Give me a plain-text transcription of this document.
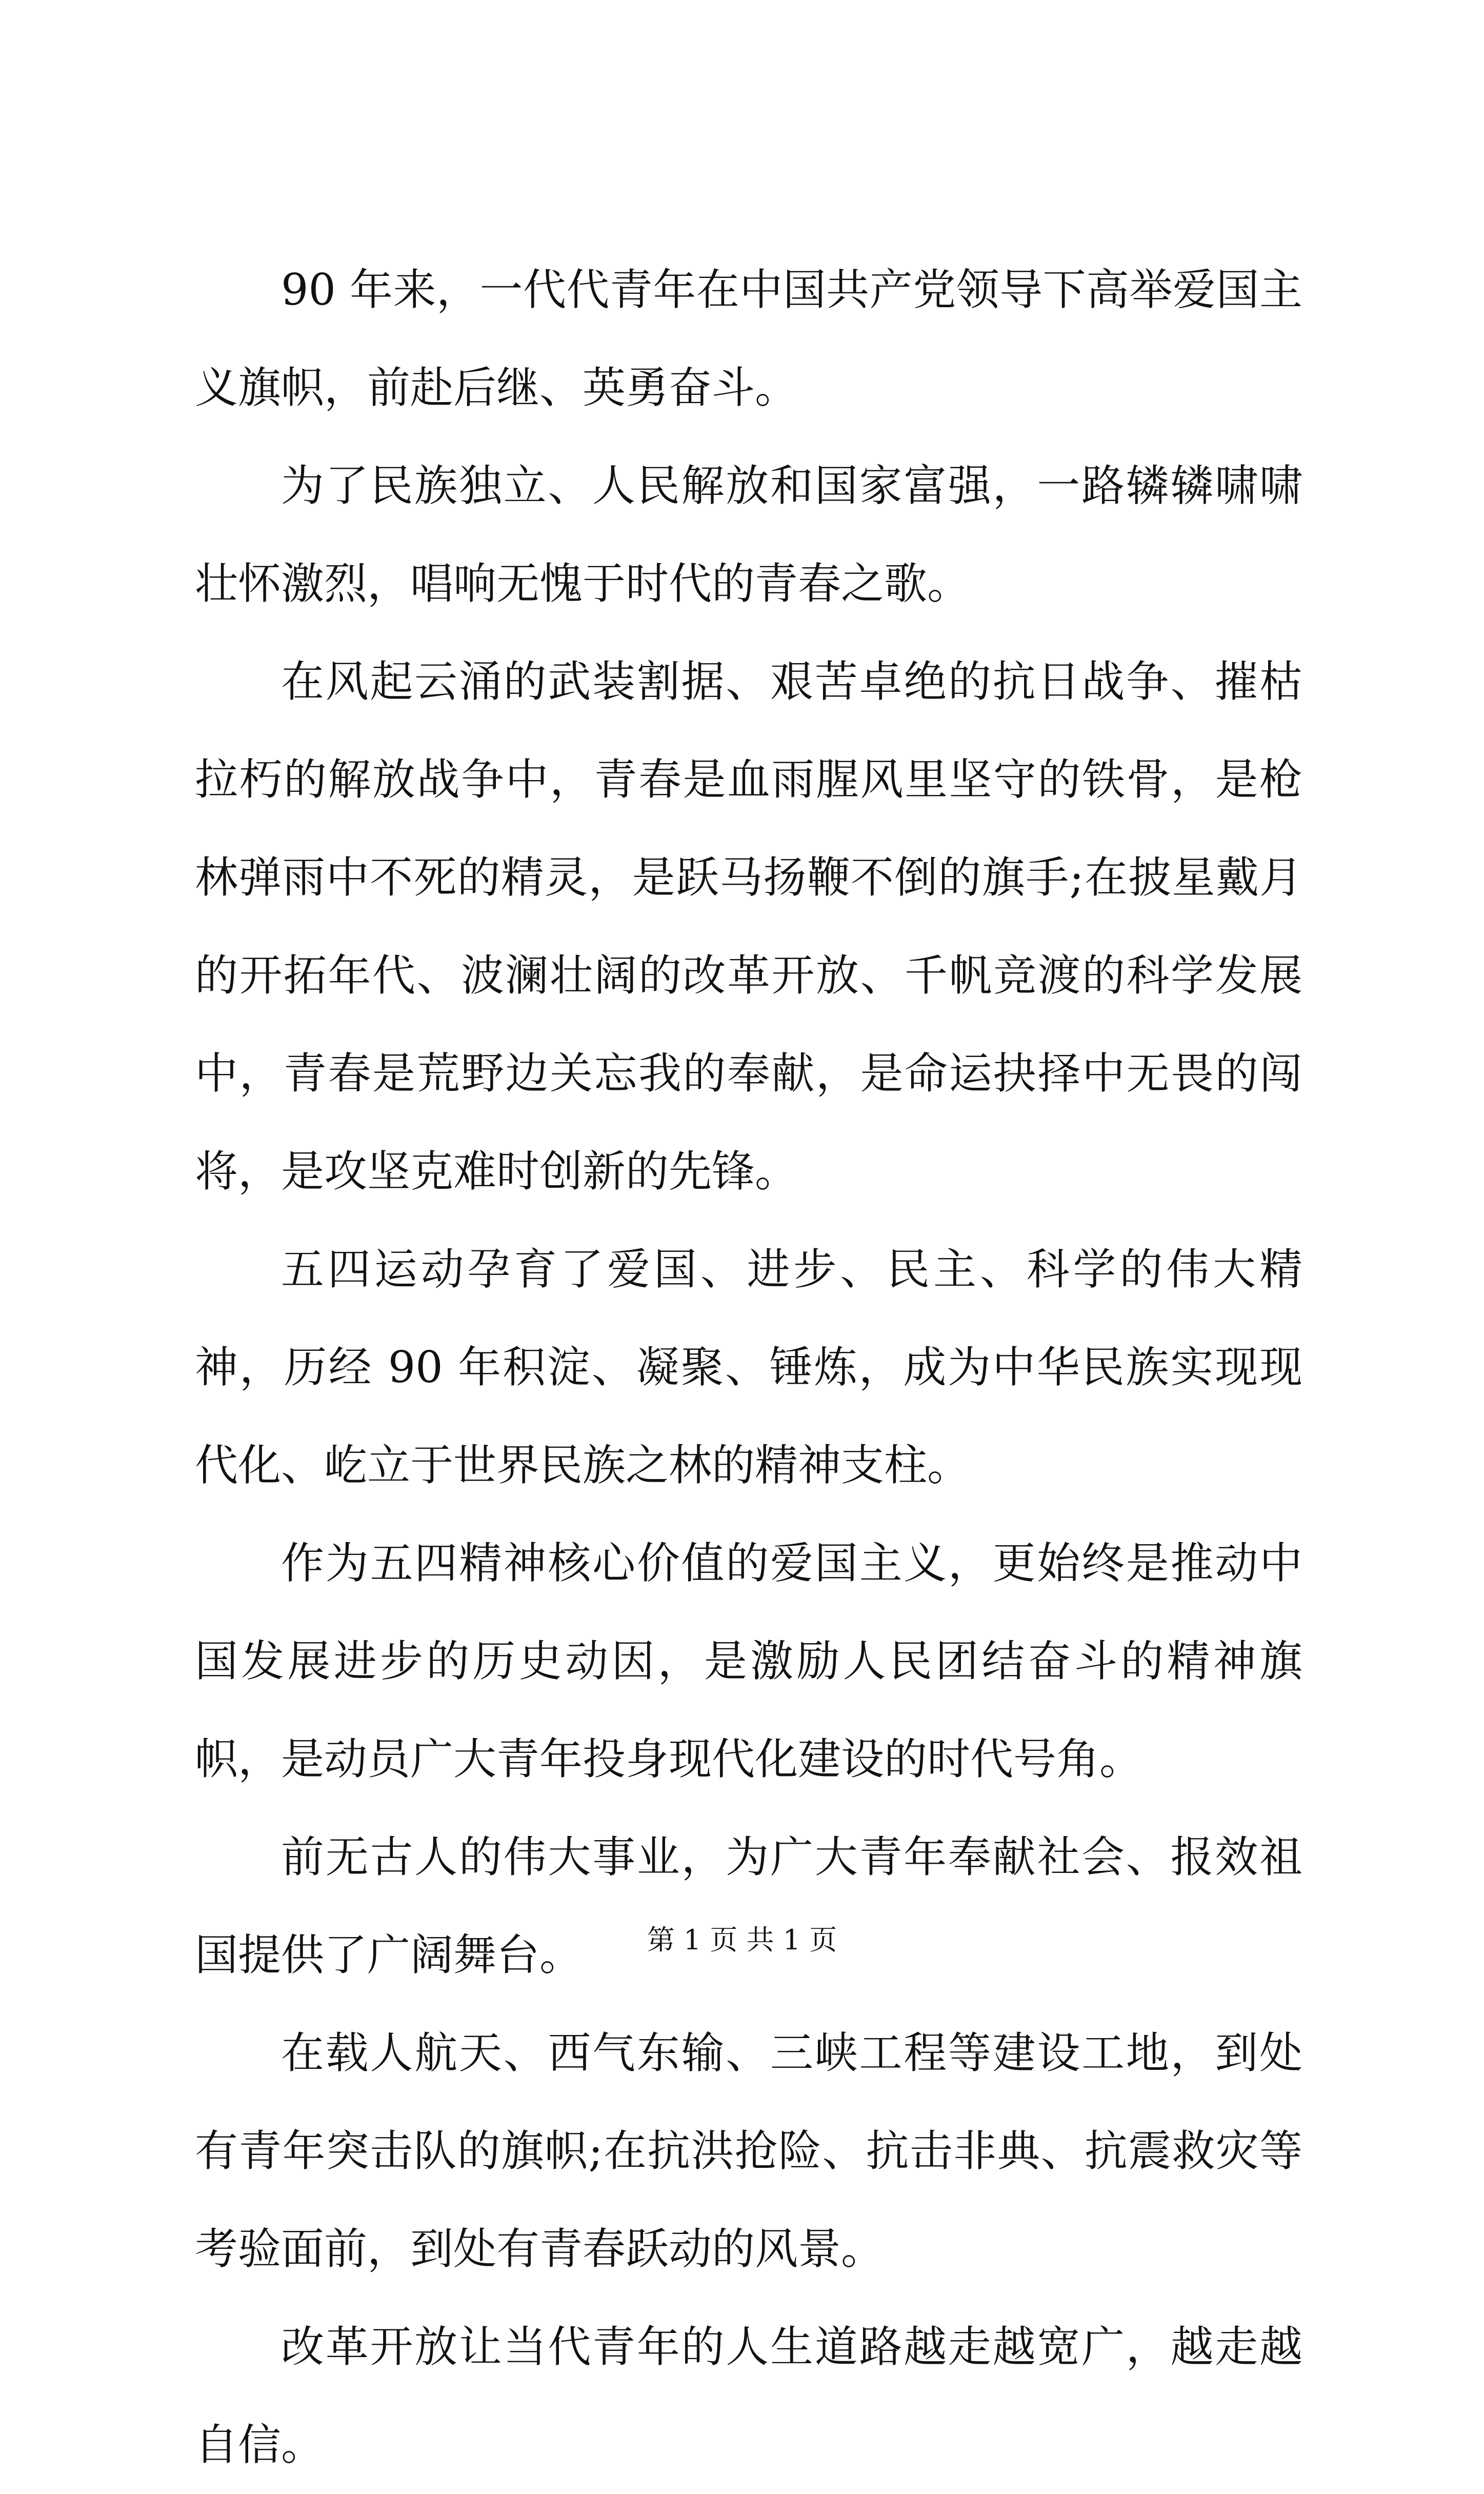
90 年来，一代代青年在中国共产党领导下高举爱国主义旗帜，前赴后继、英勇奋斗。

为了民族独立、人民解放和国家富强，一路辚辚啸啸壮怀激烈，唱响无愧于时代的青春之歌。

在风起云涌的武装割据、艰苦卓绝的抗日战争、摧枯拉朽的解放战争中，青春是血雨腥风里坚守的铁骨，是枪林弹雨中不死的精灵，是跃马扬鞭不倒的旗手;在披星戴月的开拓年代、波澜壮阔的改革开放、千帆竞渡的科学发展中，青春是荒野边关忘我的奉献，是命运抉择中无畏的闯将，是攻坚克难时创新的先锋。

五四运动孕育了爱国、进步、民主、科学的伟大精神，历经 90 年积淀、凝聚、锤炼，成为中华民族实现现代化、屹立于世界民族之林的精神支柱。

作为五四精神核心价值的爱国主义，更始终是推动中国发展进步的历史动因，是激励人民团结奋斗的精神旗帜，是动员广大青年投身现代化建设的时代号角。

前无古人的伟大事业，为广大青年奉献社会、报效祖国提供了广阔舞台。

在载人航天、西气东输、三峡工程等建设工地，到处有青年突击队的旗帜;在抗洪抢险、抗击非典、抗震救灾等考验面前，到处有青春跃动的风景。

改革开放让当代青年的人生道路越走越宽广，越走越自信。

第 1 页 共 1 页
